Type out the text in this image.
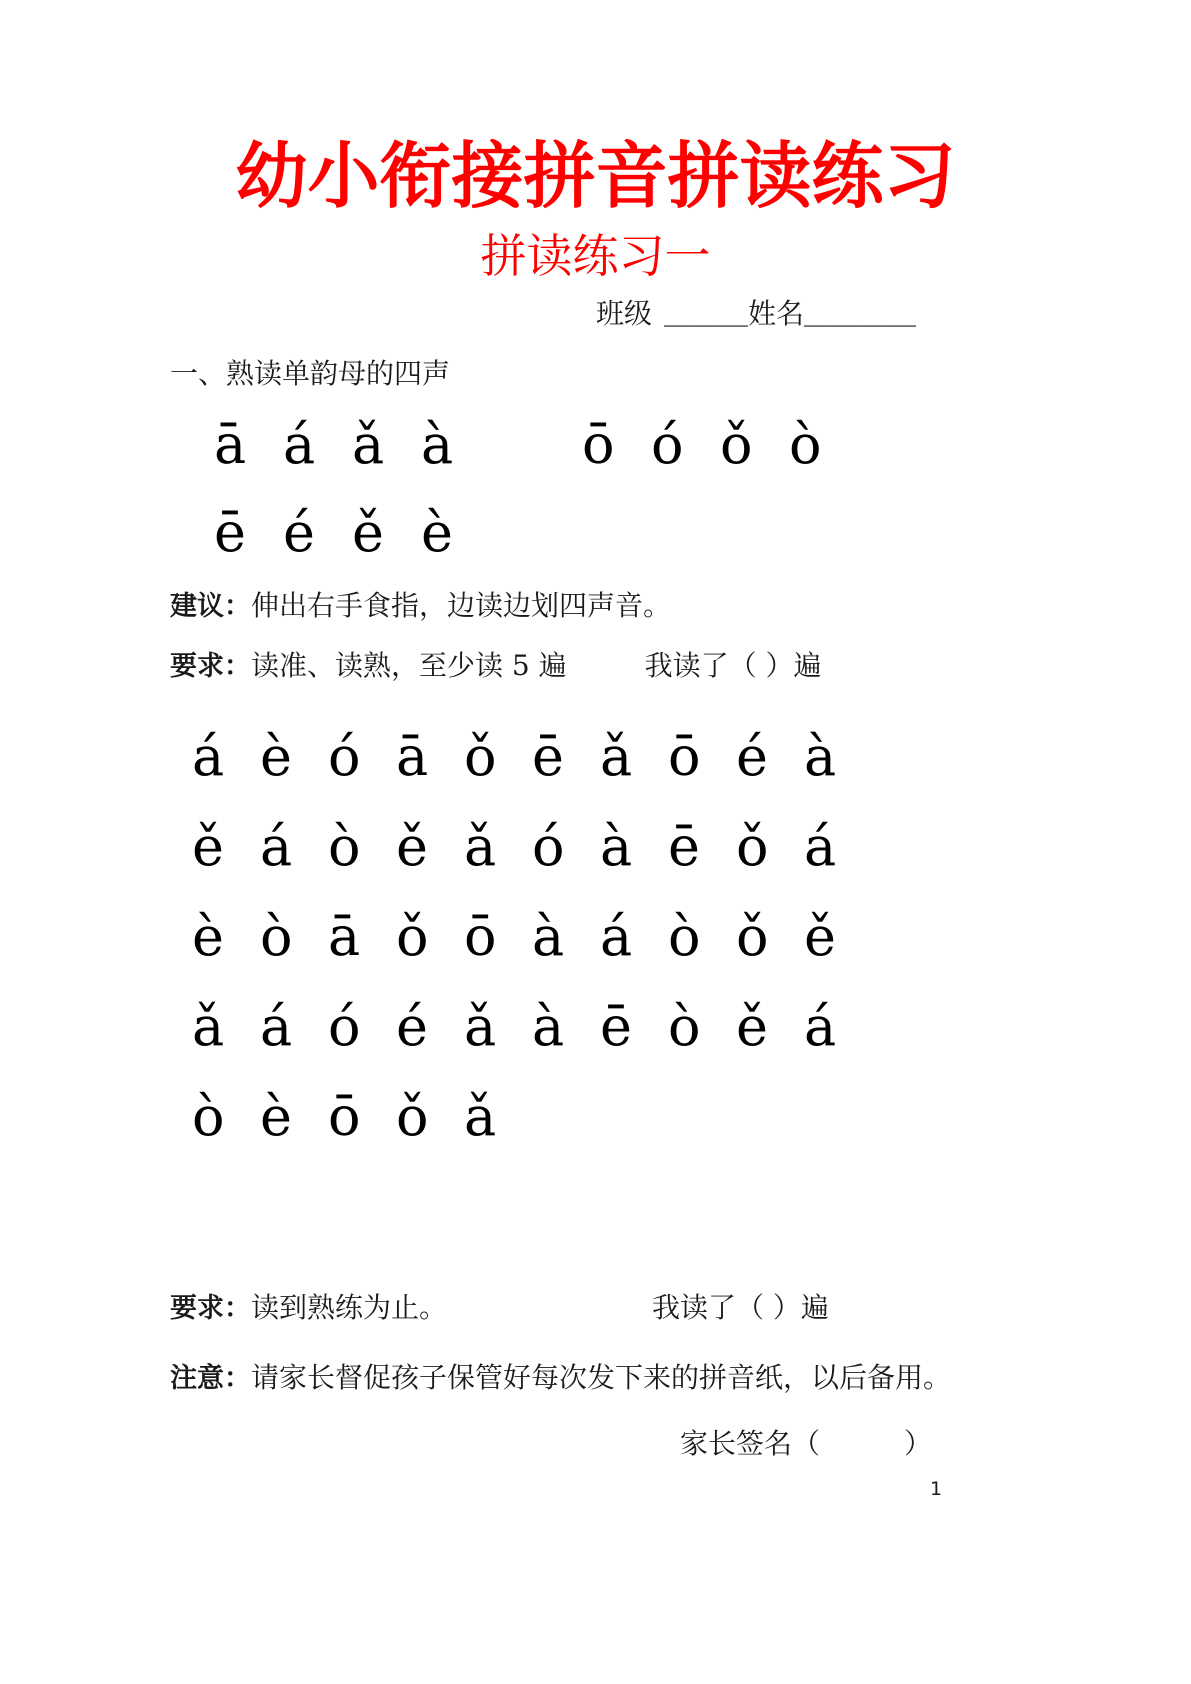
幼小衔接拼音拼读练习
拼读练习一
班级 ＿＿＿姓名＿＿＿＿
一、熟读单韵母的四声
ā á ǎ à	ō ó ǒ ò
ē é ě è
建议：伸出右手食指，边读边划四声音。
要求：读准、读熟，至少读 5 遍	我读了（ ）遍
á è ó ā ǒ ē ǎ ō é à
ě á ò ě ǎ ó à ē ǒ á
è ò ā ǒ ō à á ò ǒ ě
ǎ á ó é ǎ à ē ò ě á
ò è ō ǒ ǎ
要求：读到熟练为止。	我读了（ ）遍
注意：请家长督促孩子保管好每次发下来的拼音纸，以后备用。
家长签名（　　　）
1
